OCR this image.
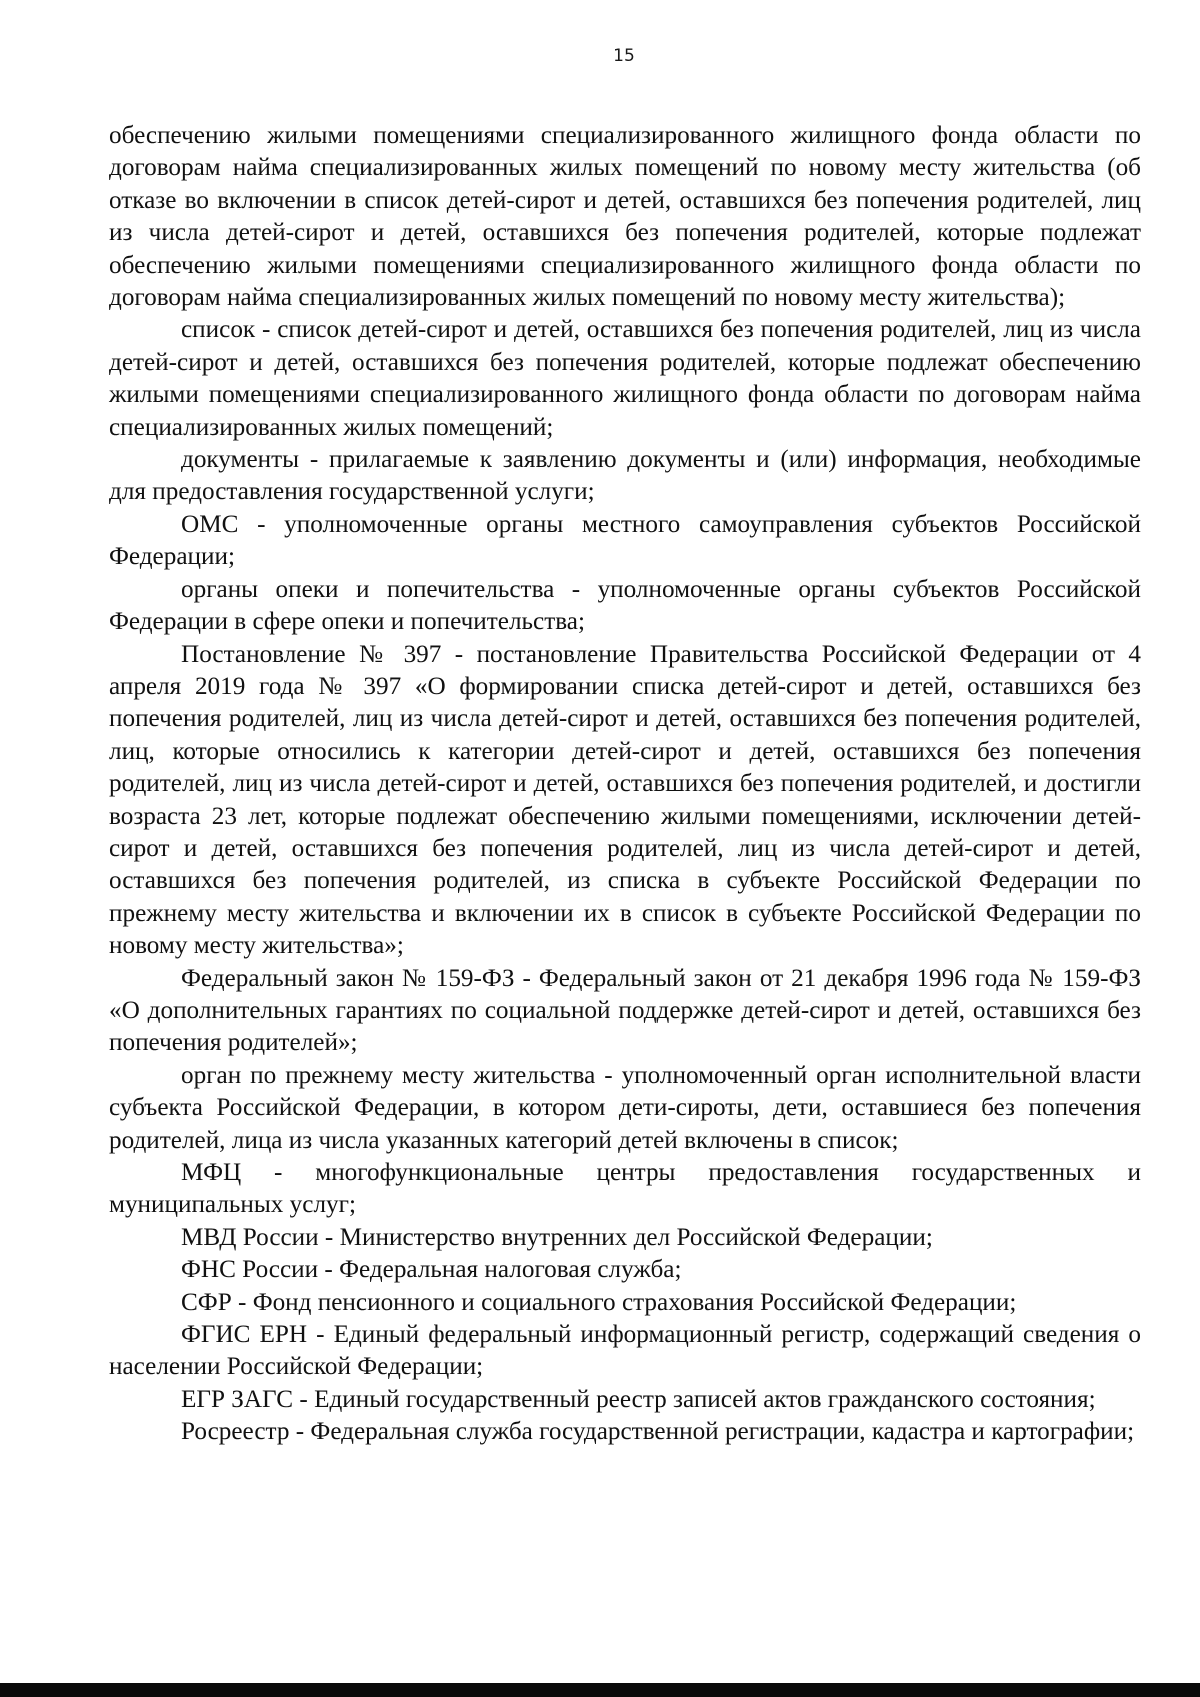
15

обеспечению жилыми помещениями специализированного жилищного фонда области по договорам найма специализированных жилых помещений по новому месту жительства (об отказе во включении в список детей-сирот и детей, оставшихся без попечения родителей, лиц из числа детей-сирот и детей, оставшихся без попечения родителей, которые подлежат обеспечению жилыми помещениями специализированного жилищного фонда области по договорам найма специализированных жилых помещений по новому месту жительства);

список - список детей-сирот и детей, оставшихся без попечения родителей, лиц из числа детей-сирот и детей, оставшихся без попечения родителей, которые подлежат обеспечению жилыми помещениями специализированного жилищного фонда области по договорам найма специализированных жилых помещений;

документы - прилагаемые к заявлению документы и (или) информация, необходимые для предоставления государственной услуги;

ОМС - уполномоченные органы местного самоуправления субъектов Российской Федерации;

органы опеки и попечительства - уполномоченные органы субъектов Российской Федерации в сфере опеки и попечительства;

Постановление № 397 - постановление Правительства Российской Федерации от 4 апреля 2019 года № 397 «О формировании списка детей-сирот и детей, оставшихся без попечения родителей, лиц из числа детей-сирот и детей, оставшихся без попечения родителей, лиц, которые относились к категории детей-сирот и детей, оставшихся без попечения родителей, лиц из числа детей-сирот и детей, оставшихся без попечения родителей, и достигли возраста 23 лет, которые подлежат обеспечению жилыми помещениями, исключении детей-сирот и детей, оставшихся без попечения родителей, лиц из числа детей-сирот и детей, оставшихся без попечения родителей, из списка в субъекте Российской Федерации по прежнему месту жительства и включении их в список в субъекте Российской Федерации по новому месту жительства»;

Федеральный закон № 159-ФЗ - Федеральный закон от 21 декабря 1996 года № 159-ФЗ «О дополнительных гарантиях по социальной поддержке детей-сирот и детей, оставшихся без попечения родителей»;

орган по прежнему месту жительства - уполномоченный орган исполнительной власти субъекта Российской Федерации, в котором дети-сироты, дети, оставшиеся без попечения родителей, лица из числа указанных категорий детей включены в список;

МФЦ - многофункциональные центры предоставления государственных и муниципальных услуг;

МВД России - Министерство внутренних дел Российской Федерации;

ФНС России - Федеральная налоговая служба;

СФР - Фонд пенсионного и социального страхования Российской Федерации;

ФГИС ЕРН - Единый федеральный информационный регистр, содержащий сведения о населении Российской Федерации;

ЕГР ЗАГС - Единый государственный реестр записей актов гражданского состояния;

Росреестр - Федеральная служба государственной регистрации, кадастра и картографии;
